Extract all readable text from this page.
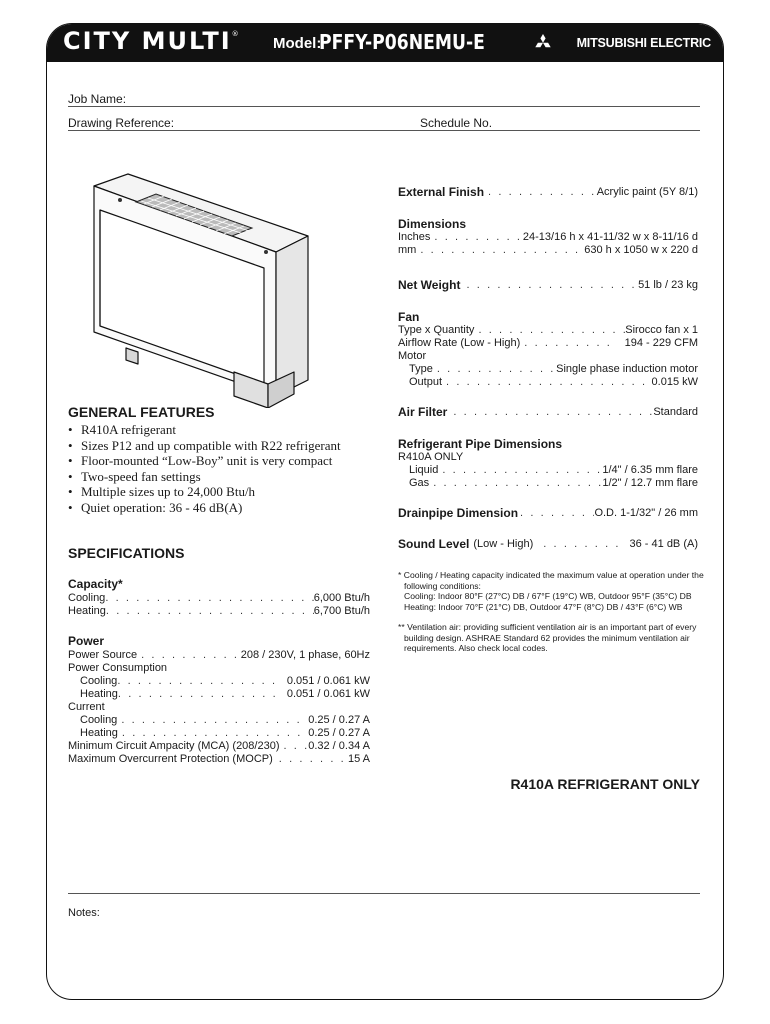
CITY MULTI®
Model:
PFFY-P06NEMU-E	MITSUBISHI ELECTRIC
Job Name:
Drawing Reference:	Schedule No.
GENERAL FEATURES
• R410A refrigerant
• Sizes P12 and up compatible with R22 refrigerant
• Floor-mounted “Low-Boy” unit is very compact
• Two-speed fan settings
• Multiple sizes up to 24,000 Btu/h
• Quiet operation: 36 - 46 dB(A)
SPECIFICATIONS
Capacity*
Cooling . . .	6,000 Btu/h
Heating . . .	6,700 Btu/h
Power
Power Source . . .	208 / 230V, 1 phase, 60Hz
Power Consumption
Cooling . . .	0.051 / 0.061 kW
Heating . . .	0.051 / 0.061 kW
Current
Cooling . . .	0.25 / 0.27 A
Heating . . .	0.25 / 0.27 A
Minimum Circuit Ampacity (MCA) (208/230) . . .	0.32 / 0.34 A
Maximum Overcurrent Protection (MOCP) . . .	15 A
External Finish . . .	Acrylic paint (5Y 8/1)
Dimensions
Inches . . .	24-13/16 h x 41-11/32 w x 8-11/16 d
mm . . .	630 h x 1050 w x 220 d
Net Weight . . .	51 lb / 23 kg
Fan
Type x Quantity . . .	Sirocco fan x 1
Airflow Rate (Low - High) . . .	194 - 229 CFM
Motor
Type . . .	Single phase induction motor
Output . . .	0.015 kW
Air Filter . . .	Standard
Refrigerant Pipe Dimensions
R410A ONLY
Liquid . . .	1/4" / 6.35 mm flare
Gas . . .	1/2" / 12.7 mm flare
Drainpipe Dimension . . .	O.D. 1-1/32" / 26 mm
Sound Level (Low - High) . . .	36 - 41 dB (A)
* Cooling / Heating capacity indicated the maximum value at operation under the
following conditions:
Cooling: Indoor 80°F (27°C) DB / 67°F (19°C) WB, Outdoor 95°F (35°C) DB
Heating: Indoor 70°F (21°C) DB, Outdoor 47°F (8°C) DB / 43°F (6°C) WB
** Ventilation air: providing sufficient ventilation air is an important part of every
building design. ASHRAE Standard 62 provides the minimum ventilation air
requirements. Also check local codes.
R410A REFRIGERANT ONLY
Notes:
